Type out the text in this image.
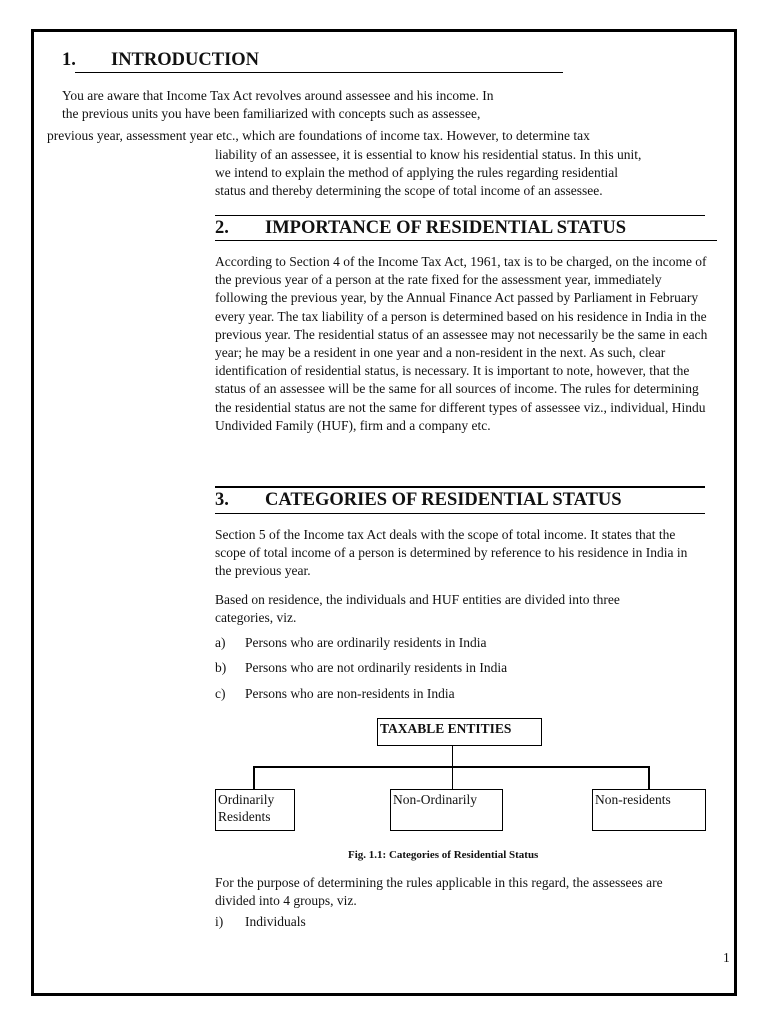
1. INTRODUCTION
You are aware that Income Tax Act revolves around assessee and his income. In
the previous units you have been familiarized with concepts such as assessee,
previous year, assessment year etc., which are foundations of income tax. However, to determine tax
liability of an assessee, it is essential to know his residential status. In this unit,
we intend to explain the method of applying the rules regarding residential
status and thereby determining the scope of total income of an assessee.
2. IMPORTANCE OF RESIDENTIAL STATUS

According to Section 4 of the Income Tax Act, 1961, tax is to be charged, on the income of the previous year of a person at the rate fixed for the assessment year, immediately following the previous year, by the Annual Finance Act passed by Parliament in February every year. The tax liability of a person is determined based on his residence in India in the previous year. The residential status of an assessee may not necessarily be the same in each year; he may be a resident in one year and a non-resident in the next. As such, clear identification of residential status, is necessary. It is important to note, however, that the status of an assessee will be the same for all sources of income. The rules for determining the residential status are not the same for different types of assessee viz., individual, Hindu Undivided Family (HUF), firm and a company etc.

3. CATEGORIES OF RESIDENTIAL STATUS

Section 5 of the Income tax Act deals with the scope of total income. It states that the scope of total income of a person is determined by reference to his residence in India in the previous year.

Based on residence, the individuals and HUF entities are divided into three categories, viz.

a) Persons who are ordinarily residents in India
b) Persons who are not ordinarily residents in India
c) Persons who are non-residents in India
TAXABLE ENTITIES
Ordinarily Residents
Non-Ordinarily	Non-residents
Fig. 1.1: Categories of Residential Status

For the purpose of determining the rules applicable in this regard, the assessees are divided into 4 groups, viz.

i) Individuals
1
